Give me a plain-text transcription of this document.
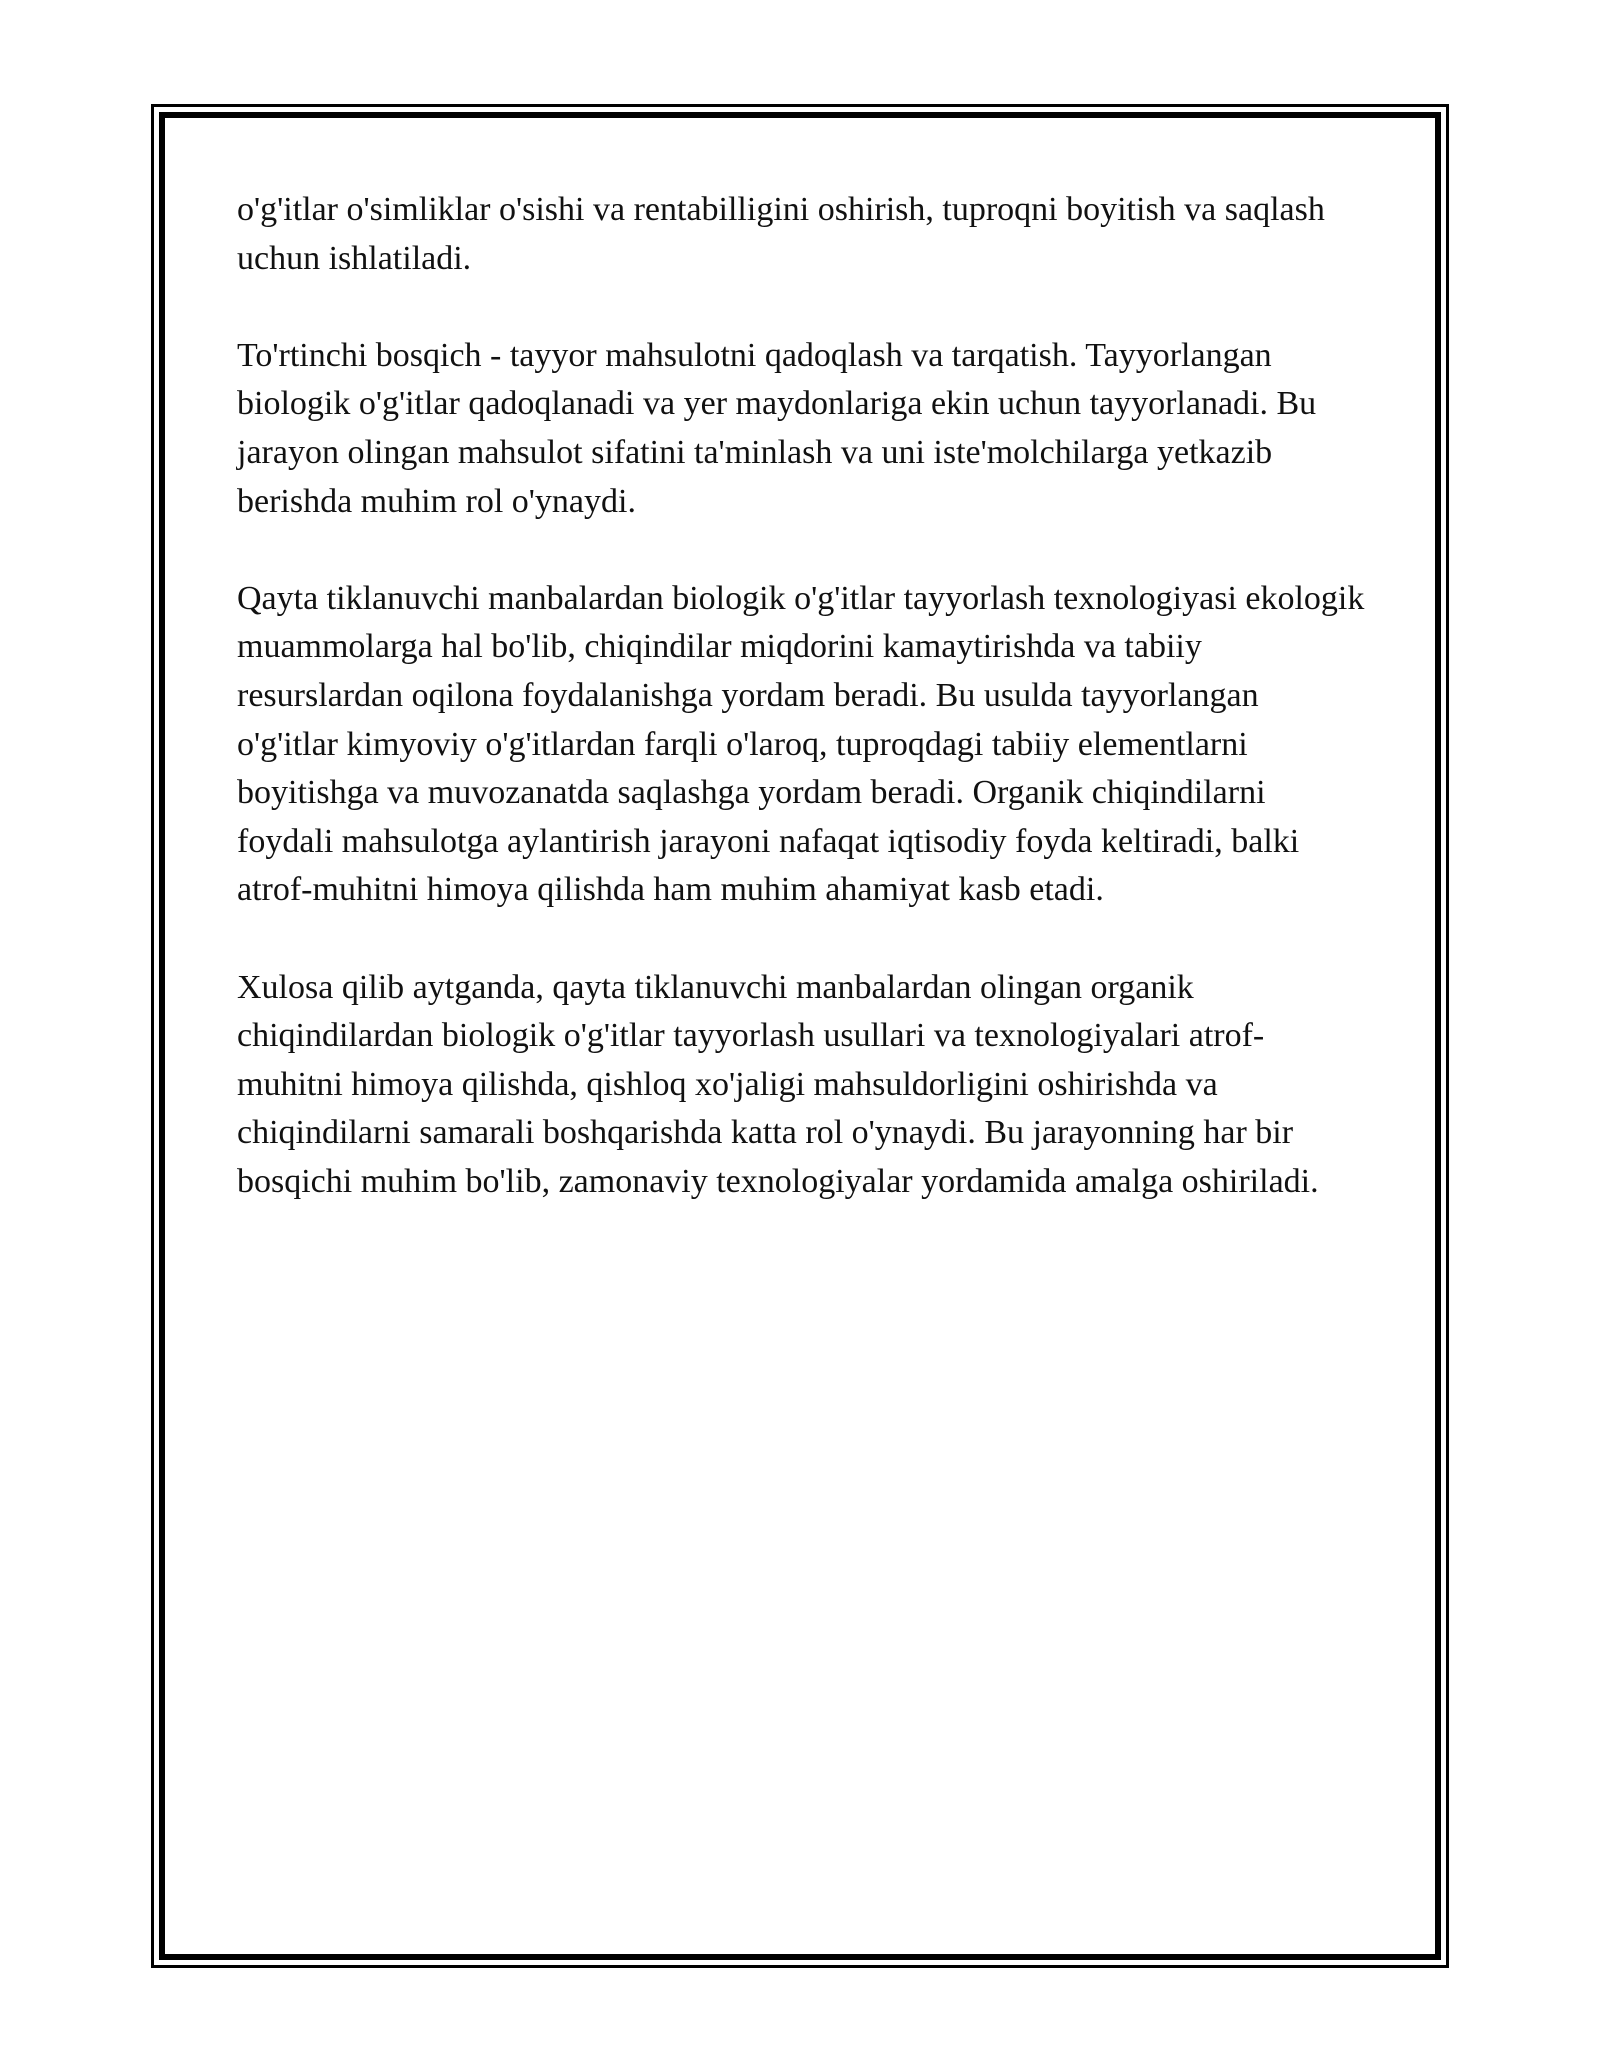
o'g'itlar o'simliklar o'sishi va rentabilligini oshirish, tuproqni boyitish va saqlash uchun ishlatiladi.

To'rtinchi bosqich - tayyor mahsulotni qadoqlash va tarqatish. Tayyorlangan biologik o'g'itlar qadoqlanadi va yer maydonlariga ekin uchun tayyorlanadi. Bu jarayon olingan mahsulot sifatini ta'minlash va uni iste'molchilarga yetkazib berishda muhim rol o'ynaydi.

Qayta tiklanuvchi manbalardan biologik o'g'itlar tayyorlash texnologiyasi ekologik muammolarga hal bo'lib, chiqindilar miqdorini kamaytirishda va tabiiy resurslardan oqilona foydalanishga yordam beradi. Bu usulda tayyorlangan o'g'itlar kimyoviy o'g'itlardan farqli o'laroq, tuproqdagi tabiiy elementlarni boyitishga va muvozanatda saqlashga yordam beradi. Organik chiqindilarni foydali mahsulotga aylantirish jarayoni nafaqat iqtisodiy foyda keltiradi, balki atrof-muhitni himoya qilishda ham muhim ahamiyat kasb etadi.

Xulosa qilib aytganda, qayta tiklanuvchi manbalardan olingan organik chiqindilardan biologik o'g'itlar tayyorlash usullari va texnologiyalari atrof-muhitni himoya qilishda, qishloq xo'jaligi mahsuldorligini oshirishda va chiqindilarni samarali boshqarishda katta rol o'ynaydi. Bu jarayonning har bir bosqichi muhim bo'lib, zamonaviy texnologiyalar yordamida amalga oshiriladi.
